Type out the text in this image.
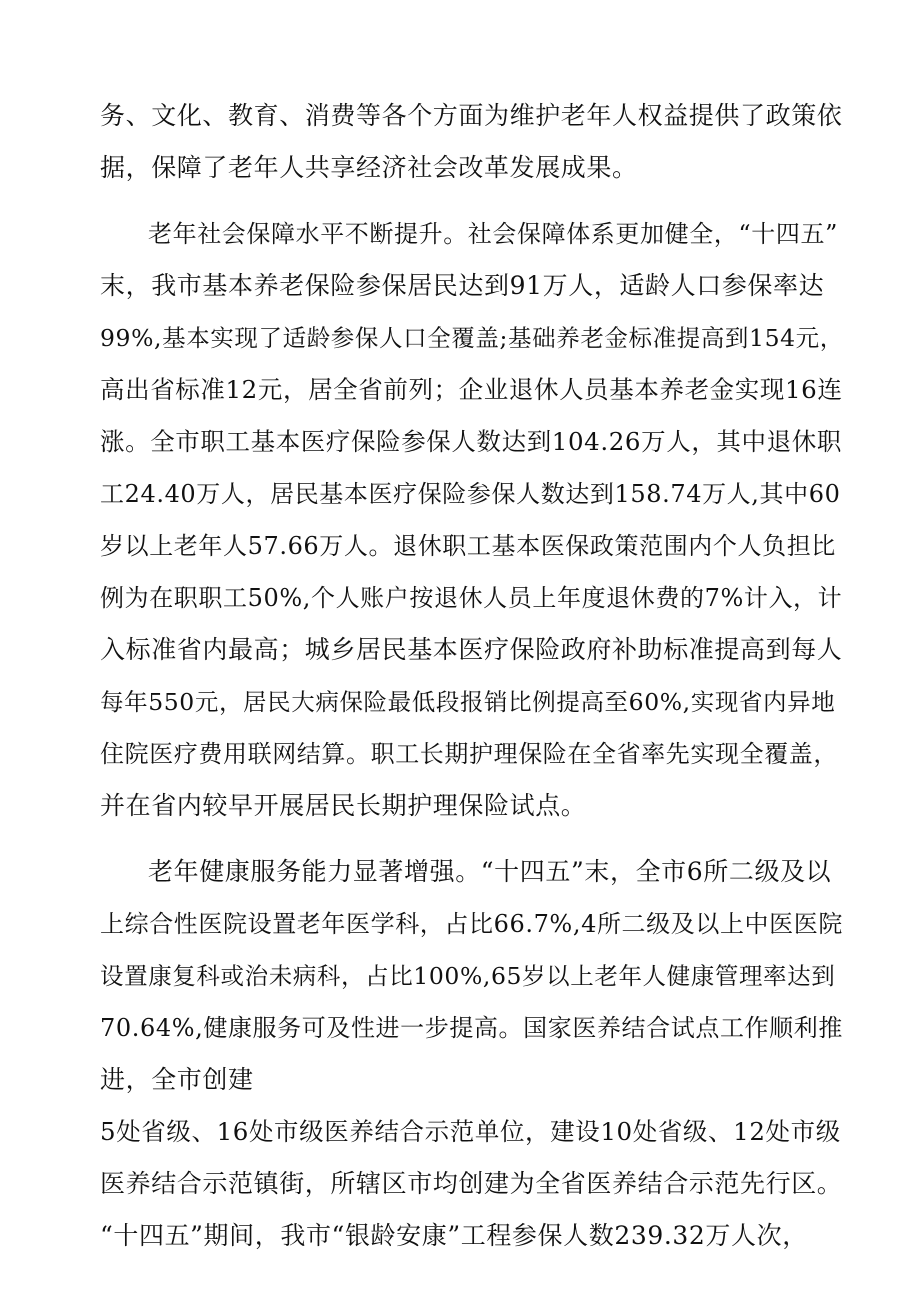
务、文化、教育、消费等各个方面为维护老年人权益提供了政策依

据，保障了老年人共享经济社会改革发展成果。

老年社会保障水平不断提升。社会保障体系更加健全，“十四五”

末，我市基本养老保险参保居民达到91万人，适龄人口参保率达

99%,基本实现了适龄参保人口全覆盖;基础养老金标准提高到154元，

高出省标准12元，居全省前列；企业退休人员基本养老金实现16连

涨。全市职工基本医疗保险参保人数达到104.26万人，其中退休职

工24.40万人，居民基本医疗保险参保人数达到158.74万人,其中60

岁以上老年人57.66万人。退休职工基本医保政策范围内个人负担比

例为在职职工50%,个人账户按退休人员上年度退休费的7%计入，计

入标准省内最高；城乡居民基本医疗保险政府补助标准提高到每人

每年550元，居民大病保险最低段报销比例提高至60%,实现省内异地

住院医疗费用联网结算。职工长期护理保险在全省率先实现全覆盖，

并在省内较早开展居民长期护理保险试点。

老年健康服务能力显著增强。“十四五”末，全市6所二级及以

上综合性医院设置老年医学科，占比66.7%,4所二级及以上中医医院

设置康复科或治未病科，占比100%,65岁以上老年人健康管理率达到

70.64%,健康服务可及性进一步提高。国家医养结合试点工作顺利推

进，全市创建

5处省级、16处市级医养结合示范单位，建设10处省级、12处市级

医养结合示范镇街，所辖区市均创建为全省医养结合示范先行区。

“十四五”期间，我市“银龄安康”工程参保人数239.32万人次，
